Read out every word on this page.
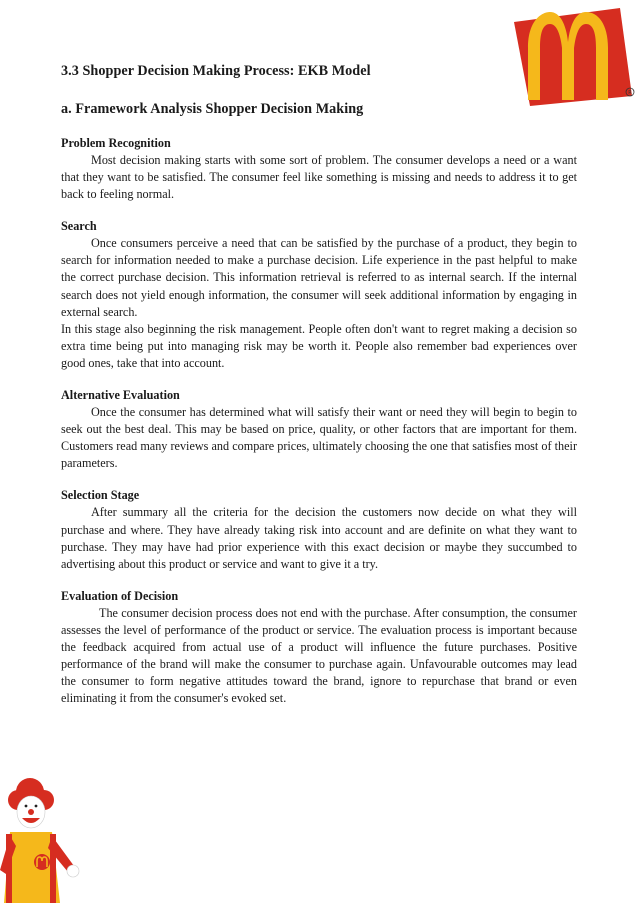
R
3.3 Shopper Decision Making Process: EKB Model
a. Framework Analysis Shopper Decision Making
Problem Recognition

Most decision making starts with some sort of problem. The consumer develops a need or a want that they want to be satisfied. The consumer feel like something is missing and needs to address it to get back to feeling normal.

Search

Once consumers perceive a need that can be satisfied by the purchase of a product, they begin to search for information needed to make a purchase decision. Life experience in the past helpful to make the correct purchase decision. This information retrieval is referred to as internal search. If the internal search does not yield enough information, the consumer will seek additional information by engaging in external search.

In this stage also beginning the risk management. People often don't want to regret making a decision so extra time being put into managing risk may be worth it. People also remember bad experiences over good ones, take that into account.

Alternative Evaluation

Once the consumer has determined what will satisfy their want or need they will begin to begin to seek out the best deal. This may be based on price, quality, or other factors that are important for them. Customers read many reviews and compare prices, ultimately choosing the one that satisfies most of their parameters.

Selection Stage

After summary all the criteria for the decision the customers now decide on what they will purchase and where. They have already taking risk into account and are definite on what they want to purchase. They may have had prior experience with this exact decision or maybe they succumbed to advertising about this product or service and want to give it a try.

Evaluation of Decision

The consumer decision process does not end with the purchase. After consumption, the consumer assesses the level of performance of the product or service. The evaluation process is important because the feedback acquired from actual use of a product will influence the future purchases. Positive performance of the brand will make the consumer to purchase again. Unfavourable outcomes may lead the consumer to form negative attitudes toward the brand, ignore to repurchase that brand or even eliminating it from the consumer's evoked set.
